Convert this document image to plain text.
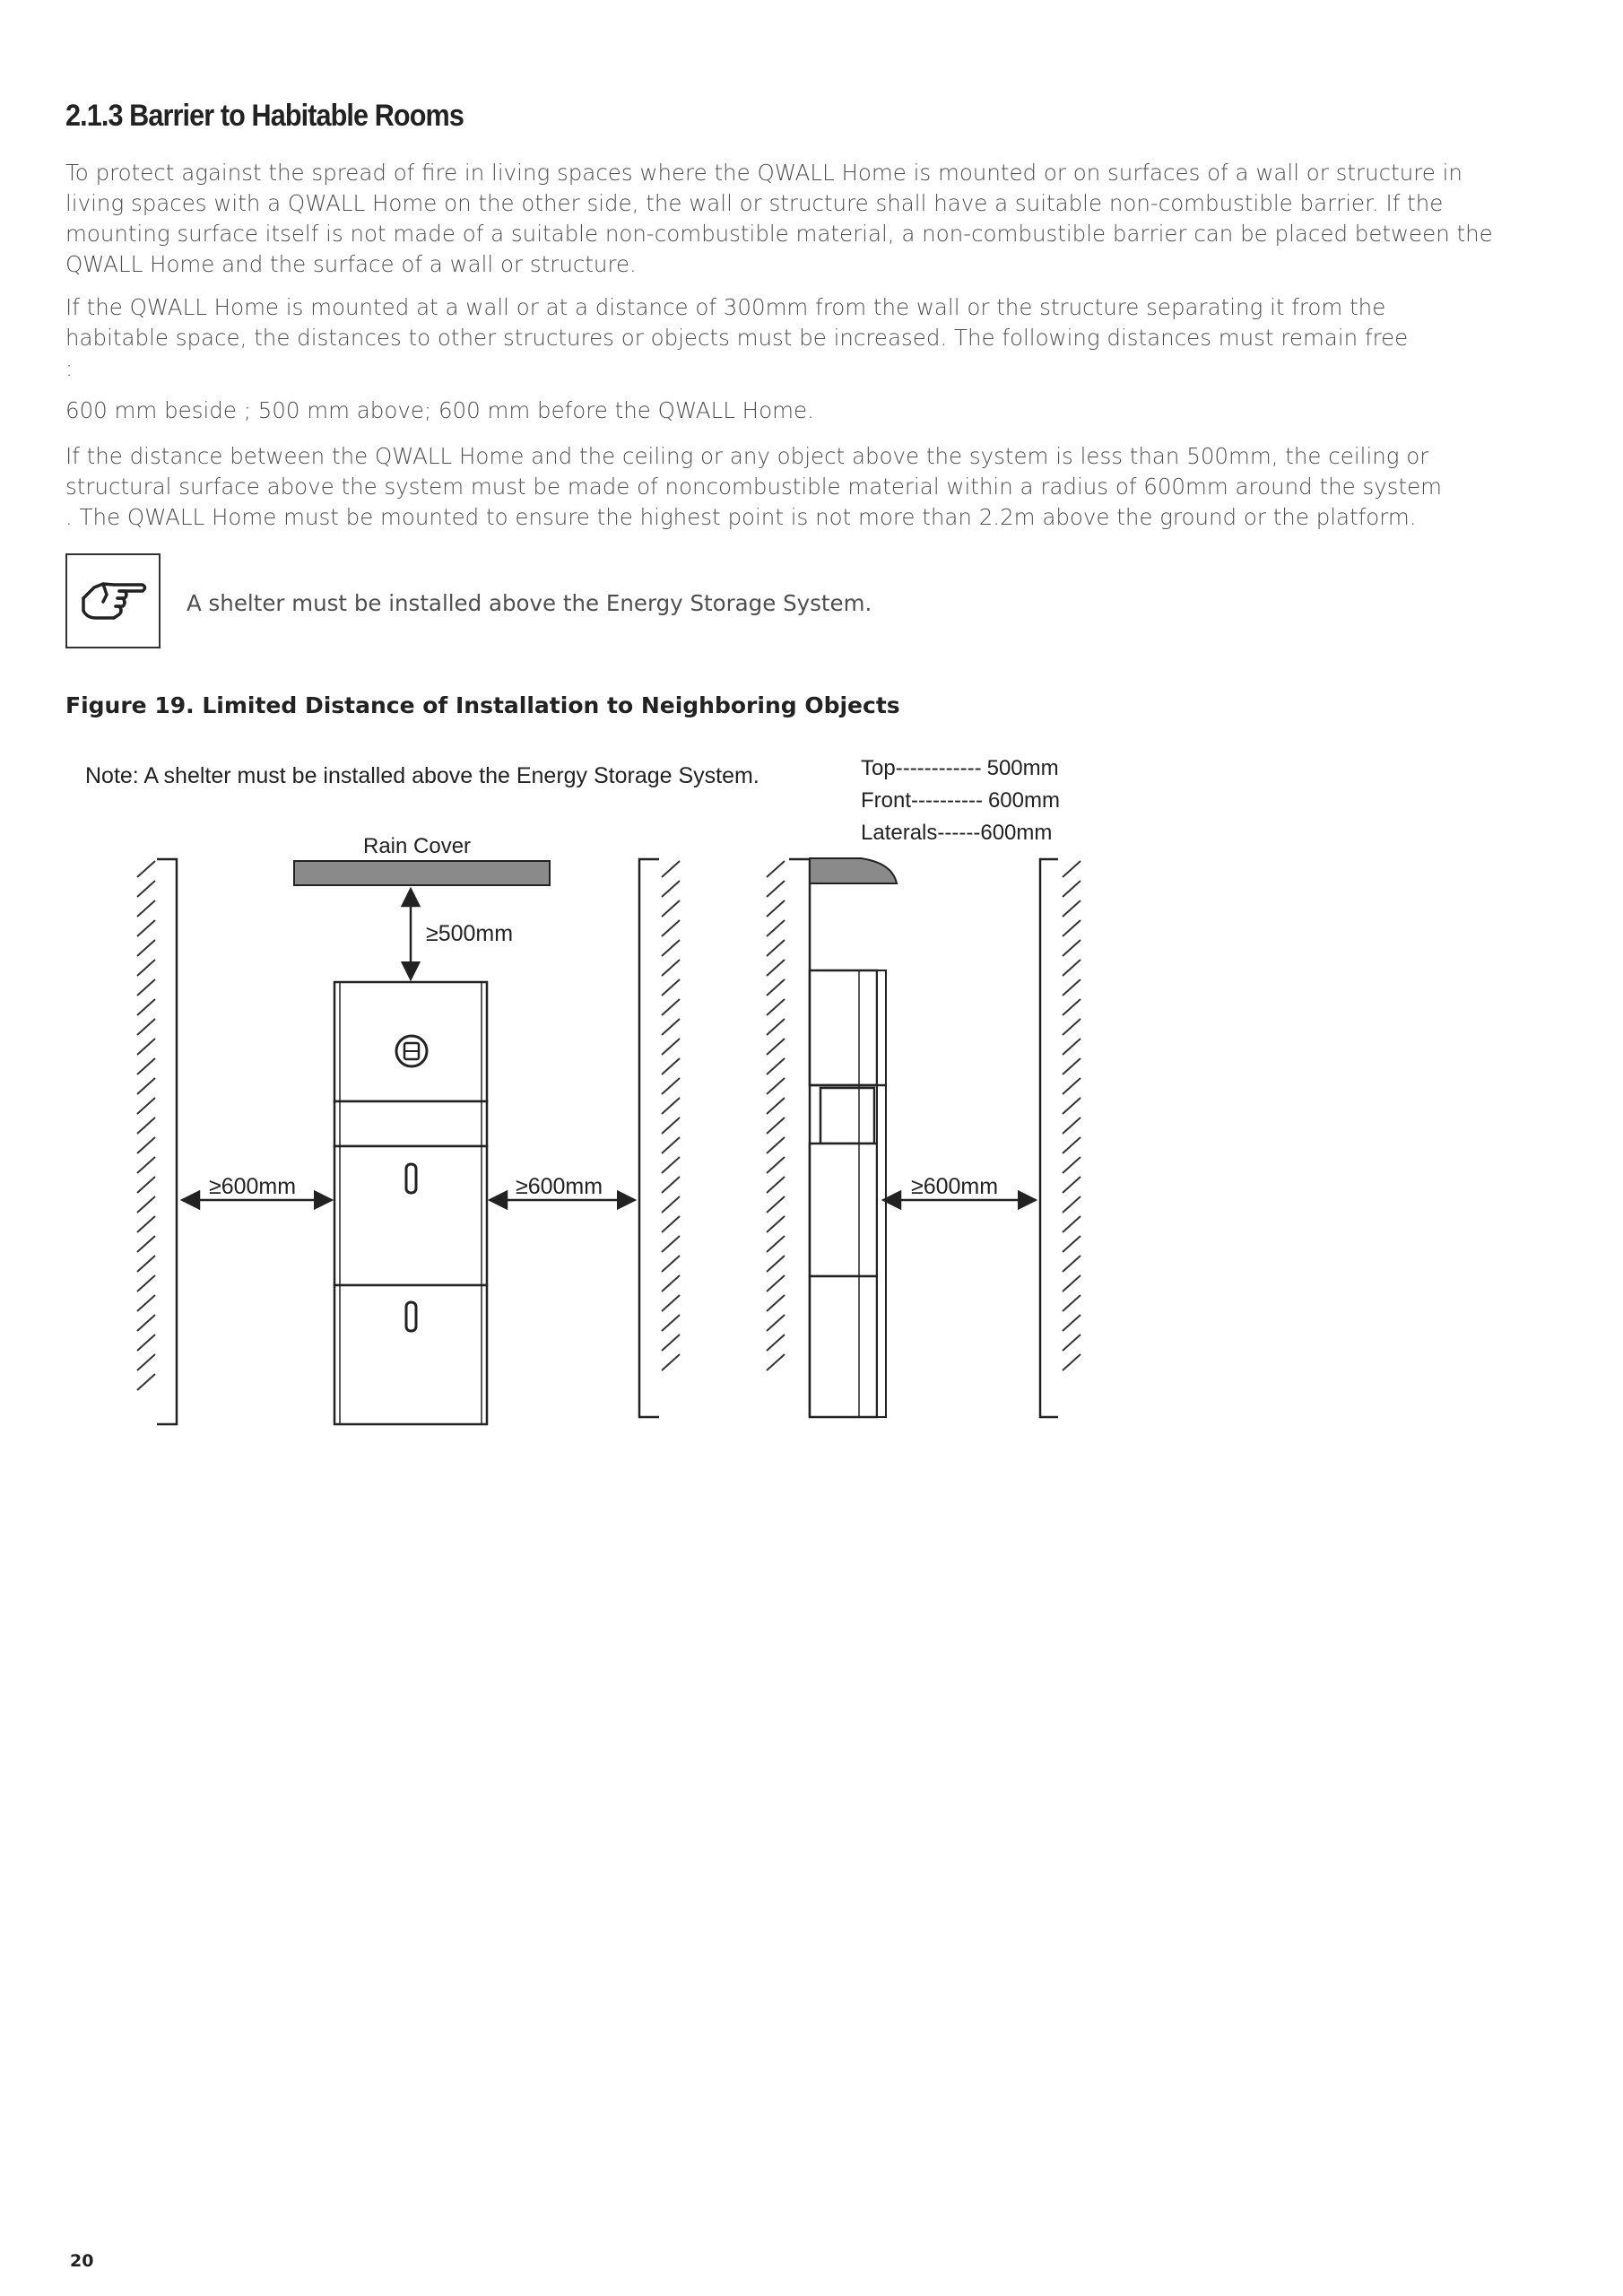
2.1.3 Barrier to Habitable Rooms

To protect against the spread of fire in living spaces where the QWALL Home is mounted or on surfaces of a wall or structure in
living spaces with a QWALL Home on the other side, the wall or structure shall have a suitable non-combustible barrier. If the
mounting surface itself is not made of a suitable non-combustible material, a non-combustible barrier can be placed between the
QWALL Home and the surface of a wall or structure.

If the QWALL Home is mounted at a wall or at a distance of 300mm from the wall or the structure separating it from the
habitable space, the distances to other structures or objects must be increased. The following distances must remain free
:

600 mm beside ; 500 mm above; 600 mm before the QWALL Home.

If the distance between the QWALL Home and the ceiling or any object above the system is less than 500mm, the ceiling or
structural surface above the system must be made of noncombustible material within a radius of 600mm around the system
. The QWALL Home must be mounted to ensure the highest point is not more than 2.2m above the ground or the platform.

A shelter must be installed above the Energy Storage System.

Figure 19. Limited Distance of Installation to Neighboring Objects

Note: A shelter must be installed above the Energy Storage System.	Top------------ 500mm
Front---------- 600mm
Laterals------600mm
Rain Cover
≥500mm
≥600mm	≥600mm	≥600mm

20
